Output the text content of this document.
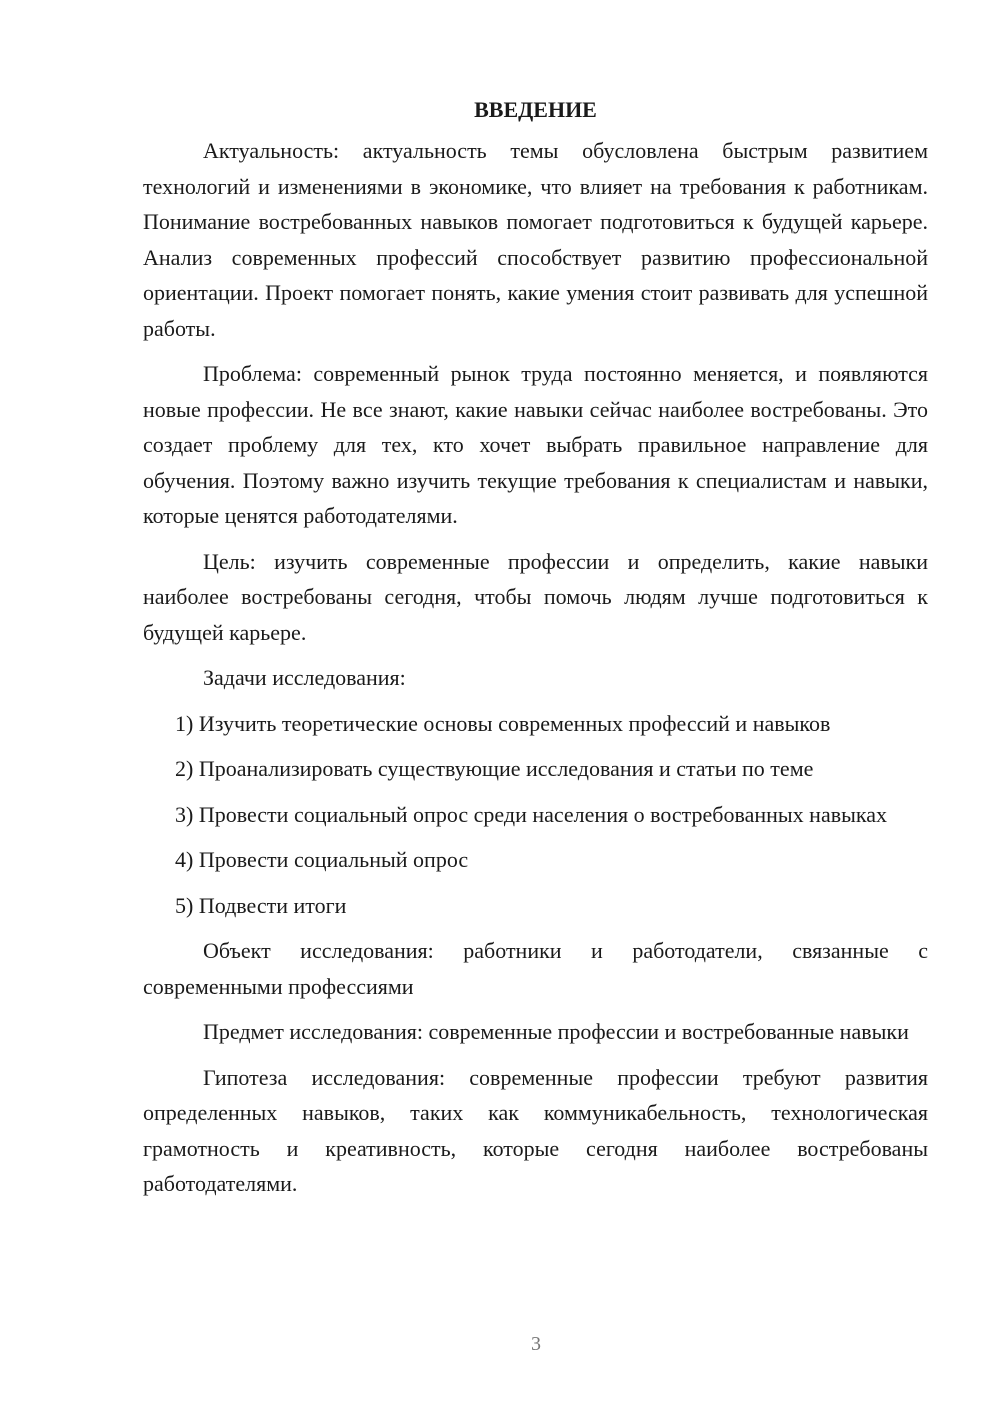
ВВЕДЕНИЕ

Актуальность: актуальность темы обусловлена быстрым развитием технологий и изменениями в экономике, что влияет на требования к работникам. Понимание востребованных навыков помогает подготовиться к будущей карьере. Анализ современных профессий способствует развитию профессиональной ориентации. Проект помогает понять, какие умения стоит развивать для успешной работы.

Проблема: современный рынок труда постоянно меняется, и появляются новые профессии. Не все знают, какие навыки сейчас наиболее востребованы. Это создает проблему для тех, кто хочет выбрать правильное направление для обучения. Поэтому важно изучить текущие требования к специалистам и навыки, которые ценятся работодателями.

Цель: изучить современные профессии и определить, какие навыки наиболее востребованы сегодня, чтобы помочь людям лучше подготовиться к будущей карьере.

Задачи исследования:

1) Изучить теоретические основы современных профессий и навыков

2) Проанализировать существующие исследования и статьи по теме

3) Провести социальный опрос среди населения о востребованных навыках

4) Провести социальный опрос

5) Подвести итоги

Объект исследования: работники и работодатели, связанные с современными профессиями

Предмет исследования: современные профессии и востребованные навыки

Гипотеза исследования: современные профессии требуют развития определенных навыков, таких как коммуникабельность, технологическая грамотность и креативность, которые сегодня наиболее востребованы работодателями.

3
